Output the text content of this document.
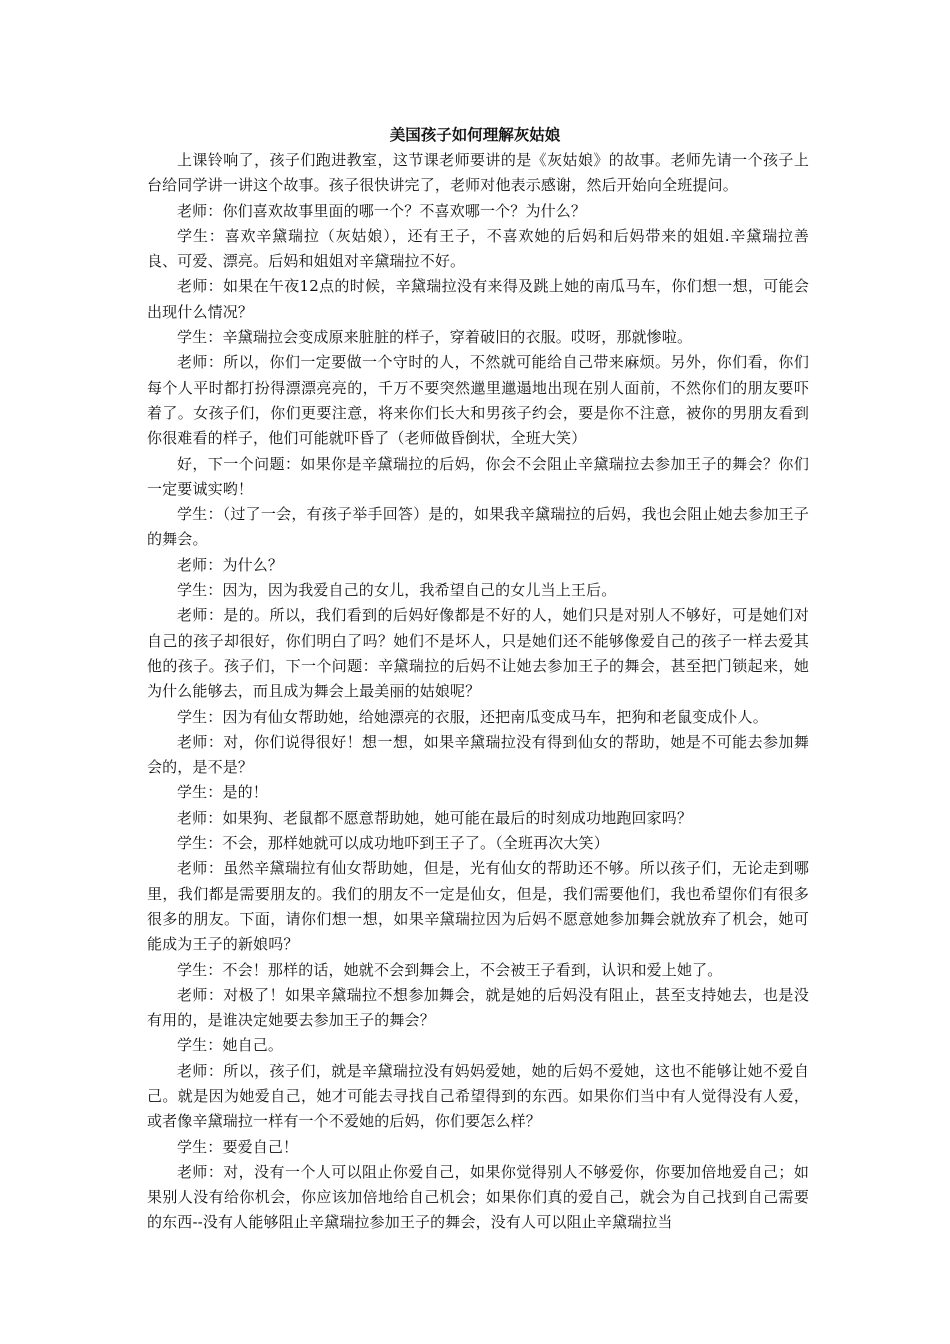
美国孩子如何理解灰姑娘

上课铃响了，孩子们跑进教室，这节课老师要讲的是《灰姑娘》的故事。老师先请一个孩子上台给同学讲一讲这个故事。孩子很快讲完了，老师对他表示感谢，然后开始向全班提问。

老师：你们喜欢故事里面的哪一个？不喜欢哪一个？为什么？

学生：喜欢辛黛瑞拉（灰姑娘），还有王子，不喜欢她的后妈和后妈带来的姐姐.辛黛瑞拉善良、可爱、漂亮。后妈和姐姐对辛黛瑞拉不好。

老师：如果在午夜12点的时候，辛黛瑞拉没有来得及跳上她的南瓜马车，你们想一想，可能会出现什么情况？

学生：辛黛瑞拉会变成原来脏脏的样子，穿着破旧的衣服。哎呀，那就惨啦。

老师：所以，你们一定要做一个守时的人，不然就可能给自己带来麻烦。另外，你们看，你们每个人平时都打扮得漂漂亮亮的，千万不要突然邋里邋遢地出现在别人面前，不然你们的朋友要吓着了。女孩子们，你们更要注意，将来你们长大和男孩子约会，要是你不注意，被你的男朋友看到你很难看的样子，他们可能就吓昏了（老师做昏倒状，全班大笑）

好，下一个问题：如果你是辛黛瑞拉的后妈，你会不会阻止辛黛瑞拉去参加王子的舞会？你们一定要诚实哟！

学生：（过了一会，有孩子举手回答）是的，如果我辛黛瑞拉的后妈，我也会阻止她去参加王子的舞会。

老师：为什么？

学生：因为，因为我爱自己的女儿，我希望自己的女儿当上王后。

老师：是的。所以，我们看到的后妈好像都是不好的人，她们只是对别人不够好，可是她们对自己的孩子却很好，你们明白了吗？她们不是坏人，只是她们还不能够像爱自己的孩子一样去爱其他的孩子。孩子们，下一个问题：辛黛瑞拉的后妈不让她去参加王子的舞会，甚至把门锁起来，她为什么能够去，而且成为舞会上最美丽的姑娘呢？

学生：因为有仙女帮助她，给她漂亮的衣服，还把南瓜变成马车，把狗和老鼠变成仆人。

老师：对，你们说得很好！想一想，如果辛黛瑞拉没有得到仙女的帮助，她是不可能去参加舞会的，是不是？

学生：是的！

老师：如果狗、老鼠都不愿意帮助她，她可能在最后的时刻成功地跑回家吗？

学生：不会，那样她就可以成功地吓到王子了。（全班再次大笑）

老师：虽然辛黛瑞拉有仙女帮助她，但是，光有仙女的帮助还不够。所以孩子们，无论走到哪里，我们都是需要朋友的。我们的朋友不一定是仙女，但是，我们需要他们，我也希望你们有很多很多的朋友。下面，请你们想一想，如果辛黛瑞拉因为后妈不愿意她参加舞会就放弃了机会，她可能成为王子的新娘吗？

学生：不会！那样的话，她就不会到舞会上，不会被王子看到，认识和爱上她了。

老师：对极了！如果辛黛瑞拉不想参加舞会，就是她的后妈没有阻止，甚至支持她去，也是没有用的，是谁决定她要去参加王子的舞会？

学生：她自己。

老师：所以，孩子们，就是辛黛瑞拉没有妈妈爱她，她的后妈不爱她，这也不能够让她不爱自己。就是因为她爱自己，她才可能去寻找自己希望得到的东西。如果你们当中有人觉得没有人爱，或者像辛黛瑞拉一样有一个不爱她的后妈，你们要怎么样？

学生：要爱自己！

老师：对，没有一个人可以阻止你爱自己，如果你觉得别人不够爱你，你要加倍地爱自己；如果别人没有给你机会，你应该加倍地给自己机会；如果你们真的爱自己，就会为自己找到自己需要的东西--没有人能够阻止辛黛瑞拉参加王子的舞会，没有人可以阻止辛黛瑞拉当
